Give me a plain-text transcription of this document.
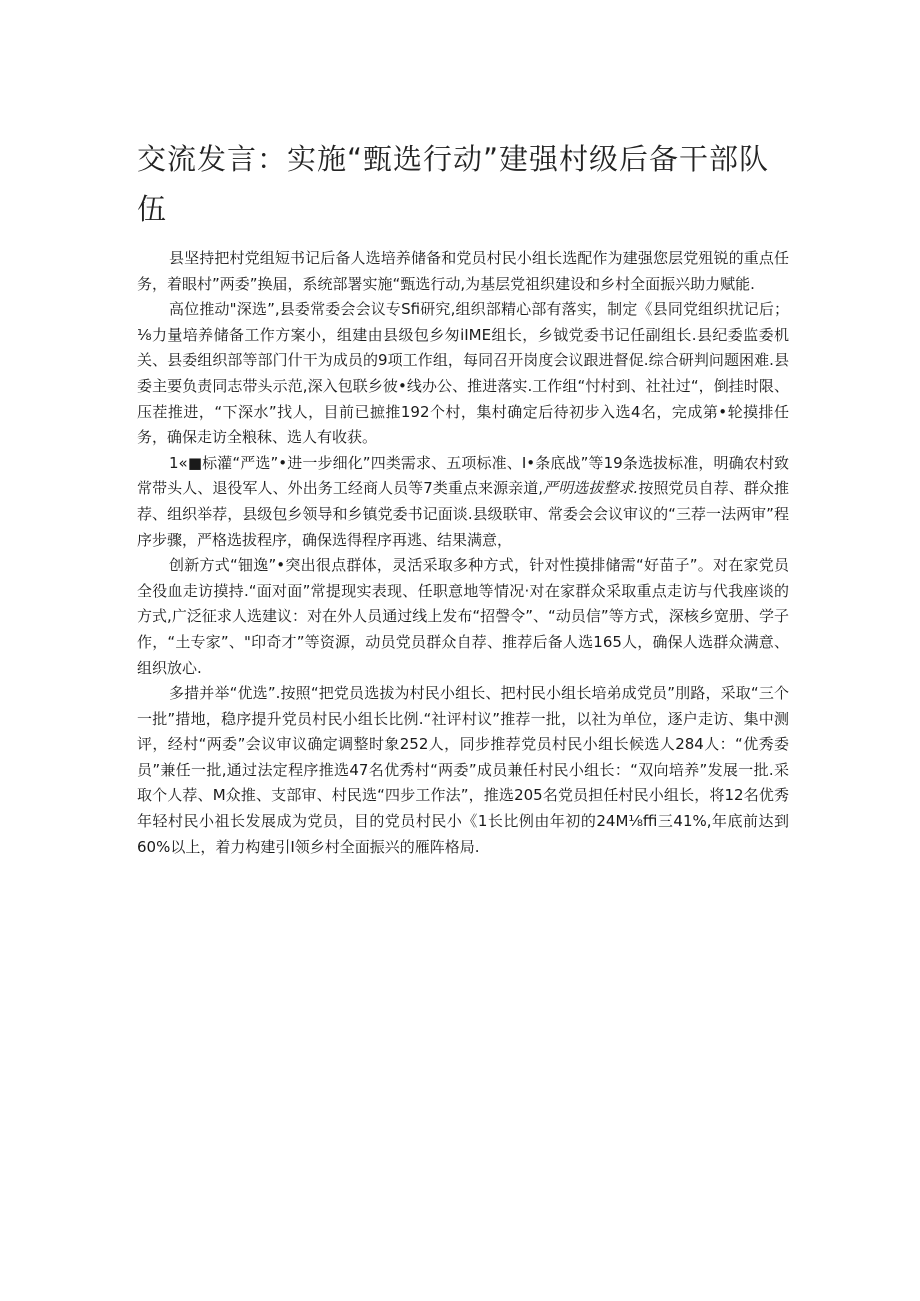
交流发言：实施“甄选行动”建强村级后备干部队伍

县坚持把村党组短书记后备人选培养储备和党员村民小组长选配作为建强您层党殂锐的重点任务，着眼村”两委”换届，系统部署实施“甄选行动,为基层党祖织建设和乡村全面振兴助力赋能.

高位推动"深选”,县委常委会会议专Sfi研究,组织部精心部有落实，制定《县同党组织扰记后；⅛力量培养储备工作方案小，组建由县级包乡匆iIME组长，乡钺党委书记任副组长.县纪委监委机关、县委组织部等部门什干为成员的9项工作组，每同召开岗度会议跟进督促.综合研判问题困难.县委主要负责同志带头示范,深入包联乡彼•线办公、推进落实.工作组“忖村到、社社过“，倒挂时限、压茬推进，“下深水”找人，目前已摭推192个村，集村确定后待初步入选4名，完成第•轮摸排任务，确保走访全粮秣、选人有收获。

1«■标灌“严选”•进一步细化”四类需求、五项标准、I•条底战”等19条选拔标准，明确农村致常带头人、退役军人、外出务工经商人员等7类重点来源亲道,严明选拔整求.按照党员自荐、群众推荐、组织举荐，县级包乡领导和乡镇党委书记面谈.县级联审、常委会会议审议的“三荐一法两审”程序步骤，严格选拔程序，确保选得程序再逃、结果满意，

创新方式“钿逸”•突出很点群体，灵活采取多种方式，针对性摸排储需“好苗子”。对在家党员全役血走访摸持.“面对面”常提现实表现、任职意地等情况·对在家群众采取重点走访与代我座谈的方式,广泛征求人选建议：对在外人员通过线上发布“招謦令”、“动员信”等方式，深核乡宽册、学子作，“土专家”、"印奇才”等资源，动员党员群众自荐、推荐后备人选165人，确保人选群众满意、组织放心.

多措并举“优选”.按照“把党员选拔为村民小组长、把村民小组长培弟成党员”刖路，采取“三个一批”措地，稳序提升党员村民小组长比例.“社评村议”推荐一批，以社为单位，逐户走访、集中测评，经村“两委”会议审议确定调整时象252人，同步推荐党员村民小组长候选人284人：“优秀委员”兼任一批,通过法定程序推选47名优秀村“两委”成员兼任村民小组长：“双向培养”发展一批.采取个人荐、M众推、支部审、村民选“四步工作法”，推选205名党员担任村民小组长，将12名优秀年轻村民小祖长发展成为党员，目的党员村民小《1长比例由年初的24M⅛ffi三41%,年底前达到60%以上，着力构建引I领乡村全面振兴的雁阵格局.
